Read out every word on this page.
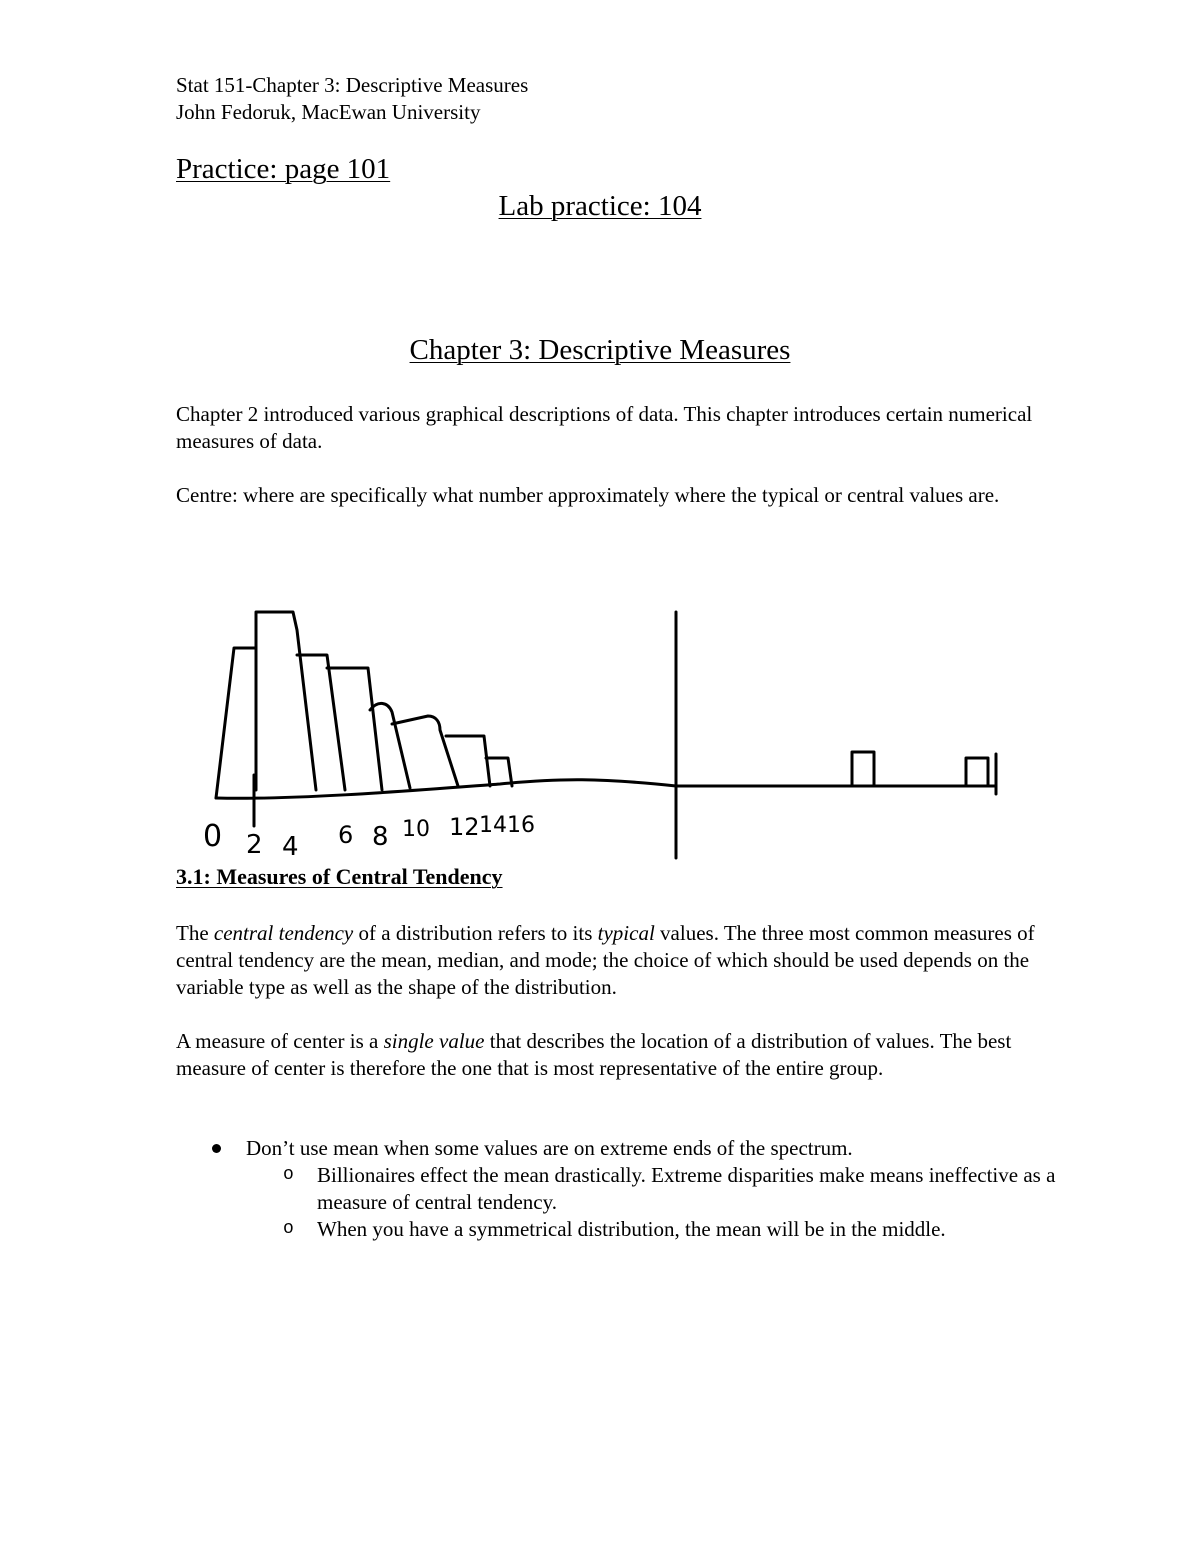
Stat 151-Chapter 3: Descriptive Measures
John Fedoruk, MacEwan University
Practice: page 101
Lab practice: 104
Chapter 3: Descriptive Measures
Chapter 2 introduced various graphical descriptions of data. This chapter introduces certain numerical measures of data.
Centre: where are specifically what number approximately where the typical or central values are.
0 2 4 6 8 10 12 14 16
3.1: Measures of Central Tendency
The central tendency of a distribution refers to its typical values. The three most common measures of central tendency are the mean, median, and mode; the choice of which should be used depends on the variable type as well as the shape of the distribution.
A measure of center is a single value that describes the location of a distribution of values. The best measure of center is therefore the one that is most representative of the entire group.
Don’t use mean when some values are on extreme ends of the spectrum.
o Billionaires effect the mean drastically. Extreme disparities make means ineffective as a measure of central tendency.
o When you have a symmetrical distribution, the mean will be in the middle.
